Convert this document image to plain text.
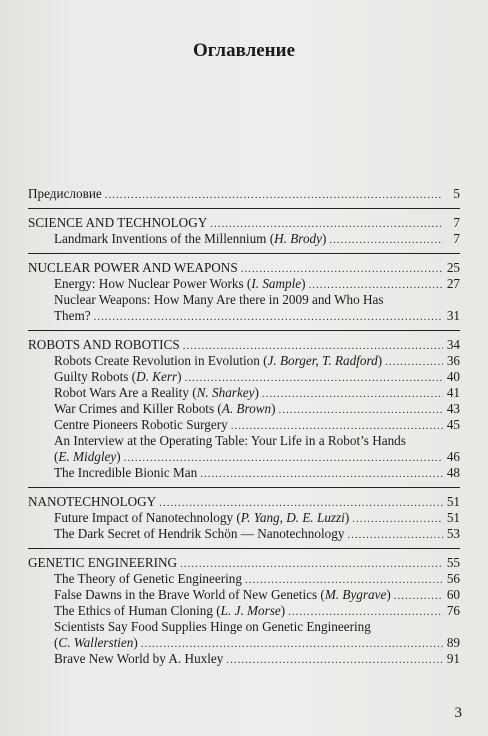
Оглавление
Предисловие .....	5
SCIENCE AND TECHNOLOGY .....	7
Landmark Inventions of the Millennium (H. Brody) .....	7
NUCLEAR POWER AND WEAPONS .....	25
Energy: How Nuclear Power Works (I. Sample) .....	27
Nuclear Weapons: How Many Are there in 2009 and Who Has
Them? .....	31
ROBOTS AND ROBOTICS .....	34
Robots Create Revolution in Evolution (J. Borger, T. Radford) .....	36
Guilty Robots (D. Kerr) .....	40
Robot Wars Are a Reality (N. Sharkey) .....	41
War Crimes and Killer Robots (A. Brown) .....	43
Centre Pioneers Robotic Surgery .....	45
An Interview at the Operating Table: Your Life in a Robot’s Hands
(E. Midgley) .....	46
The Incredible Bionic Man .....	48
NANOTECHNOLOGY .....	51
Future Impact of Nanotechnology (P. Yang, D. E. Luzzi) .....	51
The Dark Secret of Hendrik Schön — Nanotechnology .....	53
GENETIC ENGINEERING .....	55
The Theory of Genetic Engineering .....	56
False Dawns in the Brave World of New Genetics (M. Bygrave) .....	60
The Ethics of Human Cloning (L. J. Morse) .....	76
Scientists Say Food Supplies Hinge on Genetic Engineering
(C. Wallerstien) .....	89
Brave New World by A. Huxley .....	91
3
